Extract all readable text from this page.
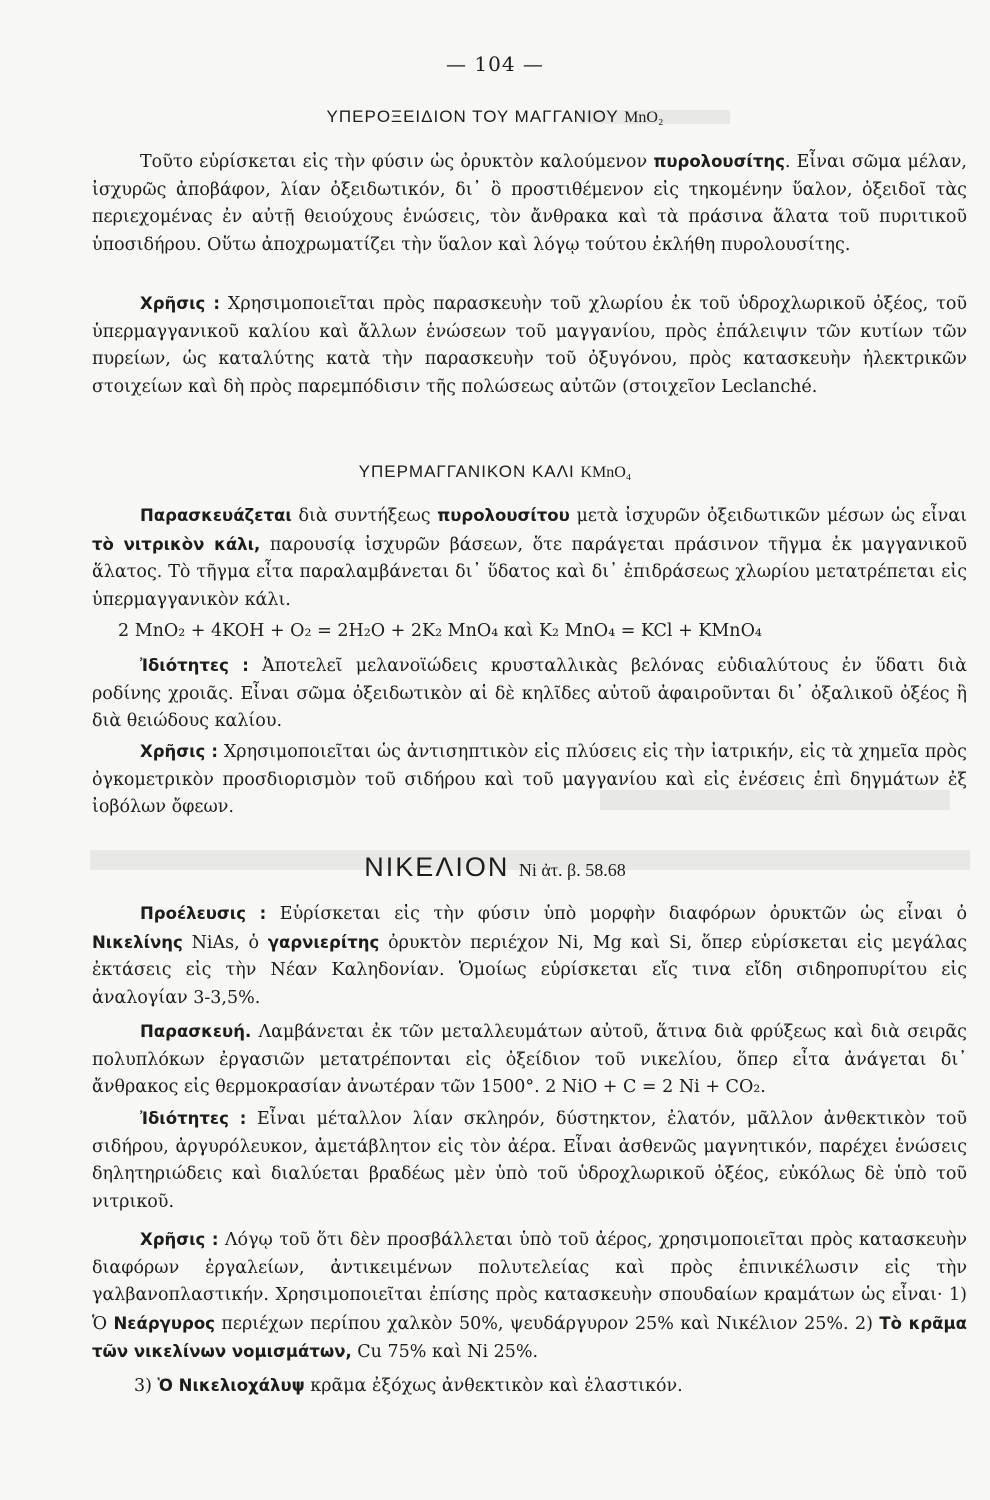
— 104 —
ΥΠΕΡΟΞΕΙΔΙΟΝ ΤΟΥ ΜΑΓΓΑΝΙΟΥ MnO₂

Τοῦτο εὑρίσκεται εἰς τὴν φύσιν ὡς ὀρυκτὸν καλούμενον πυρολουσίτης. Εἶναι σῶμα μέλαν, ἰσχυρῶς ἀποβάφον, λίαν ὀξειδωτικόν, δι᾽ ὃ προστιθέμενον εἰς τηκομένην ὕαλον, ὀξειδοῖ τὰς περιεχομένας ἐν αὐτῇ θειούχους ἑνώσεις, τὸν ἄνθρακα καὶ τὰ πράσινα ἅλατα τοῦ πυριτικοῦ ὑποσιδήρου. Οὕτω ἀποχρωματίζει τὴν ὕαλον καὶ λόγῳ τούτου ἐκλήθη πυρολουσίτης.

Χρῆσις : Χρησιμοποιεῖται πρὸς παρασκευὴν τοῦ χλωρίου ἐκ τοῦ ὑδροχλωρικοῦ ὀξέος, τοῦ ὑπερμαγγανικοῦ καλίου καὶ ἄλλων ἑνώσεων τοῦ μαγγανίου, πρὸς ἐπάλειψιν τῶν κυτίων τῶν πυρείων, ὡς καταλύτης κατὰ τὴν παρασκευὴν τοῦ ὀξυγόνου, πρὸς κατασκευὴν ἠλεκτρικῶν στοιχείων καὶ δὴ πρὸς παρεμπόδισιν τῆς πολώσεως αὐτῶν (στοιχεῖον Leclanché.

ΥΠΕΡΜΑΓΓΑΝΙΚΟΝ ΚΑΛΙ KMnO₄

Παρασκευάζεται διὰ συντήξεως πυρολουσίτου μετὰ ἰσχυρῶν ὀξειδωτικῶν μέσων ὡς εἶναι τὸ νιτρικὸν κάλι, παρουσίᾳ ἰσχυρῶν βάσεων, ὅτε παράγεται πράσινον τῆγμα ἐκ μαγγανικοῦ ἅλατος. Τὸ τῆγμα εἶτα παραλαμβάνεται δι᾽ ὕδατος καὶ δι᾽ ἐπιδράσεως χλωρίου μετατρέπεται εἰς ὑπερμαγγανικὸν κάλι.

2 MnO₂ + 4KOH + O₂ = 2H₂O + 2K₂ MnO₄ καὶ K₂ MnO₄ = KCl + KMnO₄

Ἰδιότητες : Ἀποτελεῖ μελανοϊώδεις κρυσταλλικὰς βελόνας εὐδιαλύτους ἐν ὕδατι διὰ ροδίνης χροιᾶς. Εἶναι σῶμα ὀξειδωτικὸν αἱ δὲ κηλῖδες αὐτοῦ ἀφαιροῦνται δι᾽ ὀξαλικοῦ ὀξέος ἢ διὰ θειώδους καλίου.

Χρῆσις : Χρησιμοποιεῖται ὡς ἀντισηπτικὸν εἰς πλύσεις εἰς τὴν ἰατρικήν, εἰς τὰ χημεῖα πρὸς ὀγκομετρικὸν προσδιορισμὸν τοῦ σιδήρου καὶ τοῦ μαγγανίου καὶ εἰς ἐνέσεις ἐπὶ δηγμάτων ἐξ ἰοβόλων ὄφεων.

ΝΙΚΕΛΙΟΝ Ni ἀτ. β. 58.68

Προέλευσις : Εὑρίσκεται εἰς τὴν φύσιν ὑπὸ μορφὴν διαφόρων ὀρυκτῶν ὡς εἶναι ὁ Νικελίνης NiAs, ὁ γαρνιερίτης ὀρυκτὸν περιέχον Ni, Mg καὶ Si, ὅπερ εὑρίσκεται εἰς μεγάλας ἐκτάσεις εἰς τὴν Νέαν Καληδονίαν. Ὁμοίως εὑρίσκεται εἴς τινα εἴδη σιδηροπυρίτου εἰς ἀναλογίαν 3-3,5%.

Παρασκευή. Λαμβάνεται ἐκ τῶν μεταλλευμάτων αὐτοῦ, ἅτινα διὰ φρύξεως καὶ διὰ σειρᾶς πολυπλόκων ἐργασιῶν μετατρέπονται εἰς ὀξείδιον τοῦ νικελίου, ὅπερ εἶτα ἀνάγεται δι᾽ ἄνθρακος εἰς θερμοκρασίαν ἀνωτέραν τῶν 1500°. 2 NiO + C = 2 Ni + CO₂.

Ἰδιότητες : Εἶναι μέταλλον λίαν σκληρόν, δύστηκτον, ἐλατόν, μᾶλλον ἀνθεκτικὸν τοῦ σιδήρου, ἀργυρόλευκον, ἀμετάβλητον εἰς τὸν ἀέρα. Εἶναι ἀσθενῶς μαγνητικόν, παρέχει ἑνώσεις δηλητηριώδεις καὶ διαλύεται βραδέως μὲν ὑπὸ τοῦ ὑδροχλωρικοῦ ὀξέος, εὐκόλως δὲ ὑπὸ τοῦ νιτρικοῦ.

Χρῆσις : Λόγῳ τοῦ ὅτι δὲν προσβάλλεται ὑπὸ τοῦ ἀέρος, χρησιμοποιεῖται πρὸς κατασκευὴν διαφόρων ἐργαλείων, ἀντικειμένων πολυτελείας καὶ πρὸς ἐπινικέλωσιν εἰς τὴν γαλβανοπλαστικήν. Χρησιμοποιεῖται ἐπίσης πρὸς κατασκευὴν σπουδαίων κραμάτων ὡς εἶναι· 1) Ὁ Νεάργυρος περιέχων περίπου χαλκὸν 50%, ψευδάργυρον 25% καὶ Νικέλιον 25%. 2) Τὸ κρᾶμα τῶν νικελίνων νομισμάτων, Cu 75% καὶ Ni 25%.

3) Ὁ Νικελιοχάλυψ κρᾶμα ἐξόχως ἀνθεκτικὸν καὶ ἐλαστικόν.
